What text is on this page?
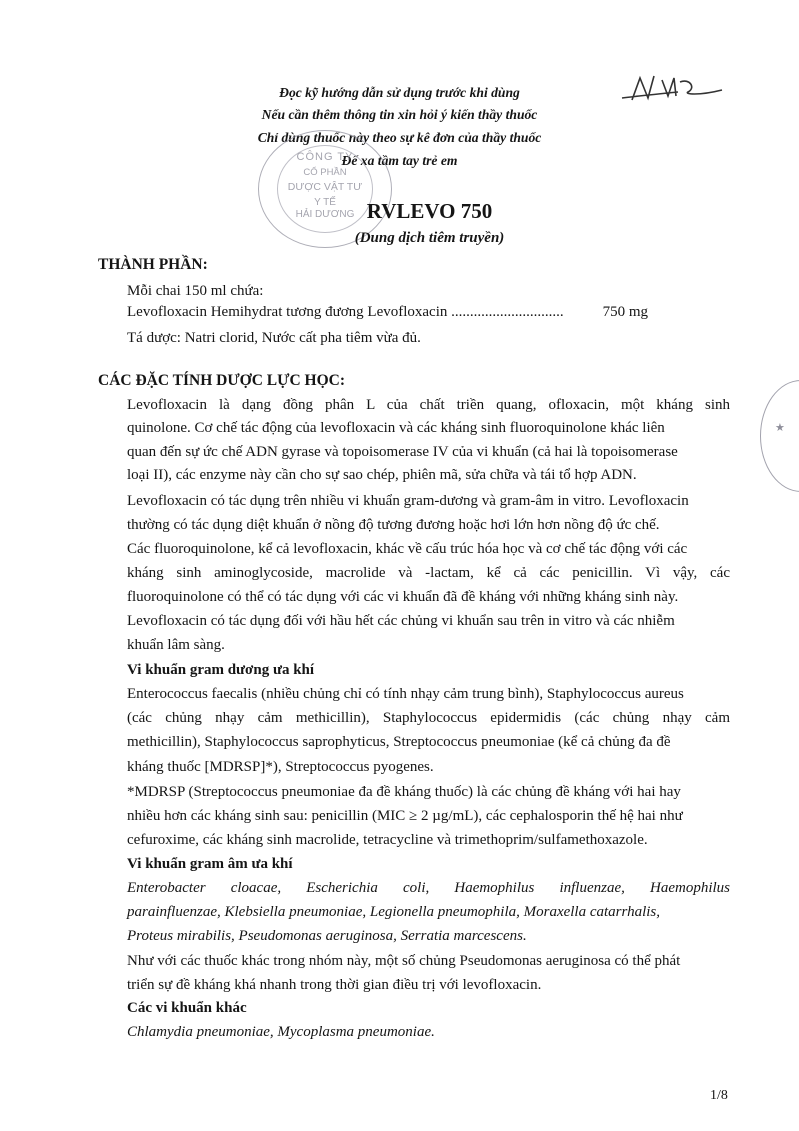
Đọc kỹ hướng dẫn sử dụng trước khi dùng
Nếu cần thêm thông tin xin hỏi ý kiến thầy thuốc
Chỉ dùng thuốc này theo sự kê đơn của thầy thuốc
Để xa tầm tay trẻ em
CÔNG TY
CỔ PHẦN
DƯỢC VẬT TƯ
Y TẾ
HẢI DƯƠNG RVLEVO 750
(Dung dịch tiêm truyền)
THÀNH PHẦN:
Mỗi chai 150 ml chứa:
Levofloxacin Hemihydrat tương đương Levofloxacin ..............................	750 mg
Tá dược: Natri clorid, Nước cất pha tiêm vừa đủ.
CÁC ĐẶC TÍNH DƯỢC LỰC HỌC:
Levofloxacin là dạng đồng phân L của chất triền quang, ofloxacin, một kháng sinh
quinolone. Cơ chế tác động của levofloxacin và các kháng sinh fluoroquinolone khác liên
quan đến sự ức chế ADN gyrase và topoisomerase IV của vi khuẩn (cả hai là topoisomerase
loại II), các enzyme này cần cho sự sao chép, phiên mã, sửa chữa và tái tổ hợp ADN.
Levofloxacin có tác dụng trên nhiều vi khuẩn gram-dương và gram-âm in vitro. Levofloxacin
thường có tác dụng diệt khuẩn ở nồng độ tương đương hoặc hơi lớn hơn nồng độ ức chế.
Các fluoroquinolone, kể cả levofloxacin, khác về cấu trúc hóa học và cơ chế tác động với các
kháng sinh aminoglycoside, macrolide và -lactam, kể cả các penicillin. Vì vậy, các
fluoroquinolone có thể có tác dụng với các vi khuẩn đã đề kháng với những kháng sinh này.
Levofloxacin có tác dụng đối với hầu hết các chủng vi khuẩn sau trên in vitro và các nhiễm
khuẩn lâm sàng.
Vi khuẩn gram dương ưa khí
Enterococcus faecalis (nhiều chủng chỉ có tính nhạy cảm trung bình), Staphylococcus aureus
(các chủng nhạy cảm methicillin), Staphylococcus epidermidis (các chủng nhạy cảm
methicillin), Staphylococcus saprophyticus, Streptococcus pneumoniae (kể cả chủng đa đề
kháng thuốc [MDRSP]*), Streptococcus pyogenes.
*MDRSP (Streptococcus pneumoniae đa đề kháng thuốc) là các chủng đề kháng với hai hay
nhiều hơn các kháng sinh sau: penicillin (MIC ≥ 2 µg/mL), các cephalosporin thế hệ hai như
cefuroxime, các kháng sinh macrolide, tetracycline và trimethoprim/sulfamethoxazole.
Vi khuẩn gram âm ưa khí
Enterobacter cloacae, Escherichia coli, Haemophilus influenzae, Haemophilus
parainfluenzae, Klebsiella pneumoniae, Legionella pneumophila, Moraxella catarrhalis,
Proteus mirabilis, Pseudomonas aeruginosa, Serratia marcescens.
Như với các thuốc khác trong nhóm này, một số chủng Pseudomonas aeruginosa có thể phát
triển sự đề kháng khá nhanh trong thời gian điều trị với levofloxacin.
Các vi khuẩn khác
Chlamydia pneumoniae, Mycoplasma pneumoniae.
★
1/8
